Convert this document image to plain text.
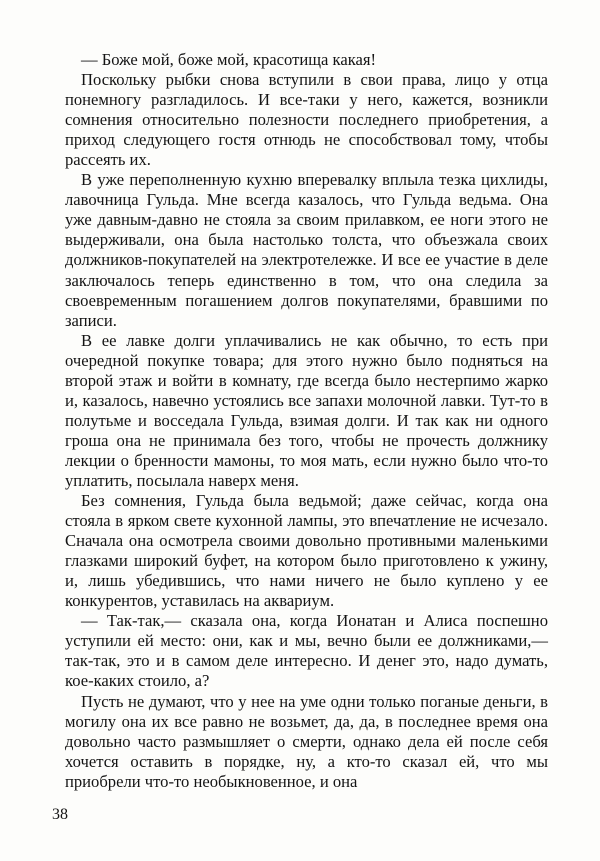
— Боже мой, боже мой, красотища какая!

Поскольку рыбки снова вступили в свои права, лицо у отца понемногу разгладилось. И все-таки у него, кажется, возникли сомнения относительно полезности последнего приобретения, а приход следующего гостя отнюдь не способствовал тому, чтобы рассеять их.

В уже переполненную кухню вперевалку вплыла тезка цихлиды, лавочница Гульда. Мне всегда казалось, что Гульда ведьма. Она уже давным-давно не стояла за своим прилавком, ее ноги этого не выдерживали, она была настолько толста, что объезжала своих должников-покупателей на электротележке. И все ее участие в деле заключалось теперь единственно в том, что она следила за своевременным погашением долгов покупателями, бравшими по записи.

В ее лавке долги уплачивались не как обычно, то есть при очередной покупке товара; для этого нужно было подняться на второй этаж и войти в комнату, где всегда было нестерпимо жарко и, казалось, навечно устоялись все запахи молочной лавки. Тут-то в полутьме и восседала Гульда, взимая долги. И так как ни одного гроша она не принимала без того, чтобы не прочесть должнику лекции о бренности мамоны, то моя мать, если нужно было что-то уплатить, посылала наверх меня.

Без сомнения, Гульда была ведьмой; даже сейчас, когда она стояла в ярком свете кухонной лампы, это впечатление не исчезало. Сначала она осмотрела своими довольно противными маленькими глазками широкий буфет, на котором было приготовлено к ужину, и, лишь убедившись, что нами ничего не было куплено у ее конкурентов, уставилась на аквариум.

— Так-так,— сказала она, когда Ионатан и Алиса поспешно уступили ей место: они, как и мы, вечно были ее должниками,— так-так, это и в самом деле интересно. И денег это, надо думать, кое-каких стоило, а?

Пусть не думают, что у нее на уме одни только поганые деньги, в могилу она их все равно не возьмет, да, да, в последнее время она довольно часто размышляет о смерти, однако дела ей после себя хочется оставить в порядке, ну, а кто-то сказал ей, что мы приобрели что-то необыкновенное, и она

38
